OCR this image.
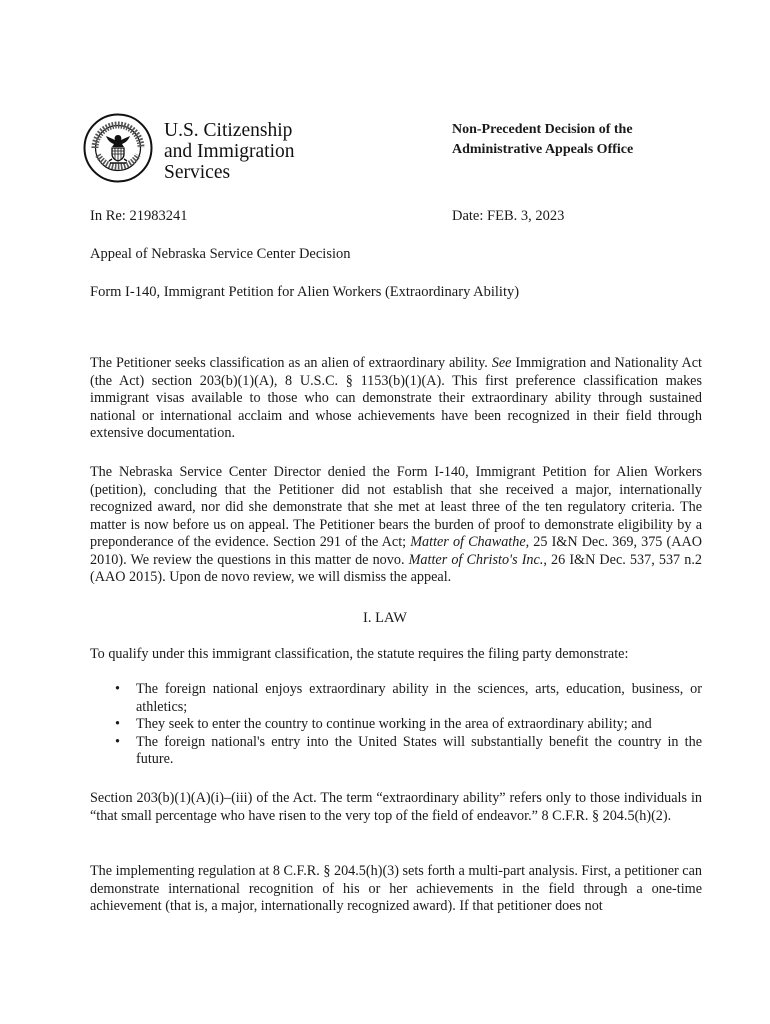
U.S. Citizenship
and Immigration
Services
Non-Precedent Decision of the
Administrative Appeals Office
In Re: 21983241	Date: FEB. 3, 2023
Appeal of Nebraska Service Center Decision
Form I-140, Immigrant Petition for Alien Workers (Extraordinary Ability)

The Petitioner seeks classification as an alien of extraordinary ability. See Immigration and Nationality Act (the Act) section 203(b)(1)(A), 8 U.S.C. § 1153(b)(1)(A). This first preference classification makes immigrant visas available to those who can demonstrate their extraordinary ability through sustained national or international acclaim and whose achievements have been recognized in their field through extensive documentation.

The Nebraska Service Center Director denied the Form I-140, Immigrant Petition for Alien Workers (petition), concluding that the Petitioner did not establish that she received a major, internationally recognized award, nor did she demonstrate that she met at least three of the ten regulatory criteria. The matter is now before us on appeal. The Petitioner bears the burden of proof to demonstrate eligibility by a preponderance of the evidence. Section 291 of the Act; Matter of Chawathe, 25 I&N Dec. 369, 375 (AAO 2010). We review the questions in this matter de novo. Matter of Christo's Inc., 26 I&N Dec. 537, 537 n.2 (AAO 2015). Upon de novo review, we will dismiss the appeal.

I. LAW

To qualify under this immigrant classification, the statute requires the filing party demonstrate:

• The foreign national enjoys extraordinary ability in the sciences, arts, education, business, or athletics;
• They seek to enter the country to continue working in the area of extraordinary ability; and
• The foreign national's entry into the United States will substantially benefit the country in the future.

Section 203(b)(1)(A)(i)–(iii) of the Act. The term “extraordinary ability” refers only to those individuals in “that small percentage who have risen to the very top of the field of endeavor.” 8 C.F.R. § 204.5(h)(2).

The implementing regulation at 8 C.F.R. § 204.5(h)(3) sets forth a multi-part analysis. First, a petitioner can demonstrate international recognition of his or her achievements in the field through a one-time achievement (that is, a major, internationally recognized award). If that petitioner does not
